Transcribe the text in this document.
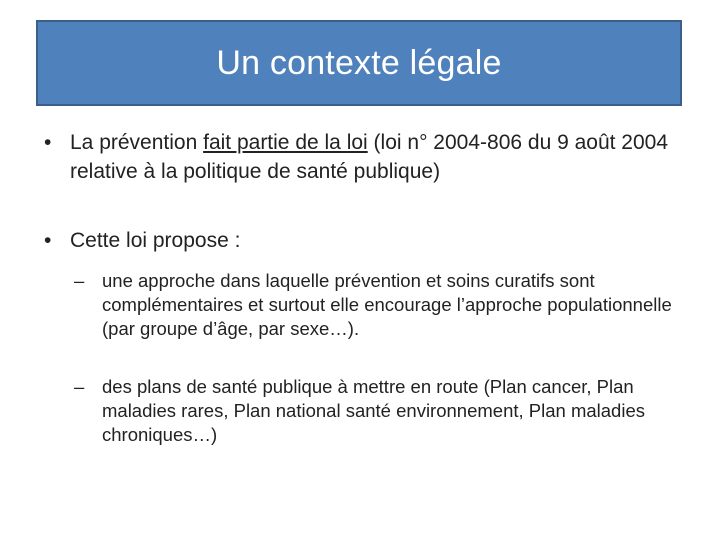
Un contexte légale

• La prévention fait partie de la loi (loi n° 2004-806 du 9 août 2004 relative à la politique de santé publique)

• Cette loi propose :

– une approche dans laquelle prévention et soins curatifs sont complémentaires et surtout elle encourage l’approche populationnelle (par groupe d’âge, par sexe…).

– des plans de santé publique à mettre en route (Plan cancer, Plan maladies rares, Plan national santé environnement, Plan maladies chroniques…)
